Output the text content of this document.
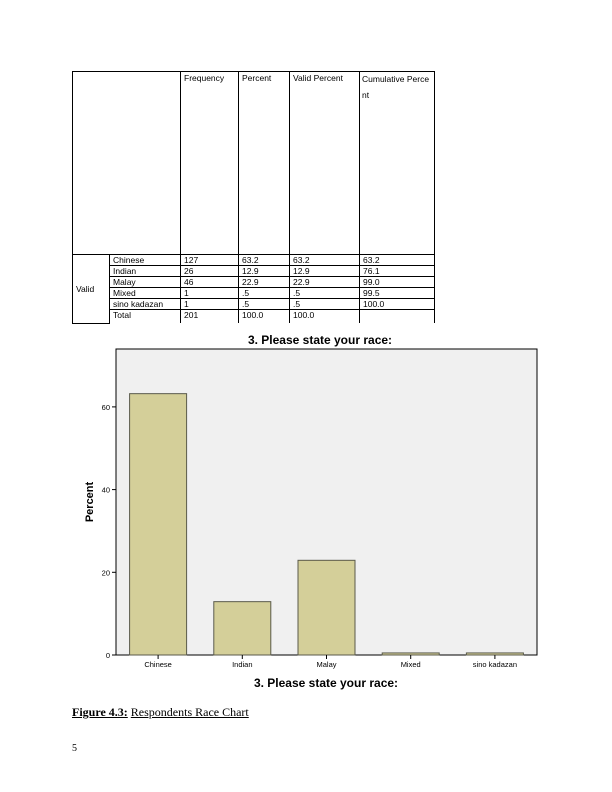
		Frequency	Percent	Valid Percent	Cumulative Percent
Valid	Chinese	127	63.2	63.2	63.2
	Indian	26	12.9	12.9	76.1
	Malay	46	22.9	22.9	99.0
	Mixed	1	.5	.5	99.5
	sino kadazan	1	.5	.5	100.0
	Total	201	100.0	100.0	
3. Please state your race:
0
20
40
60
Chinese	Indian	Malay	Mixed	sino kadazan
Percent
3. Please state your race:
Figure 4.3: Respondents Race Chart
5
